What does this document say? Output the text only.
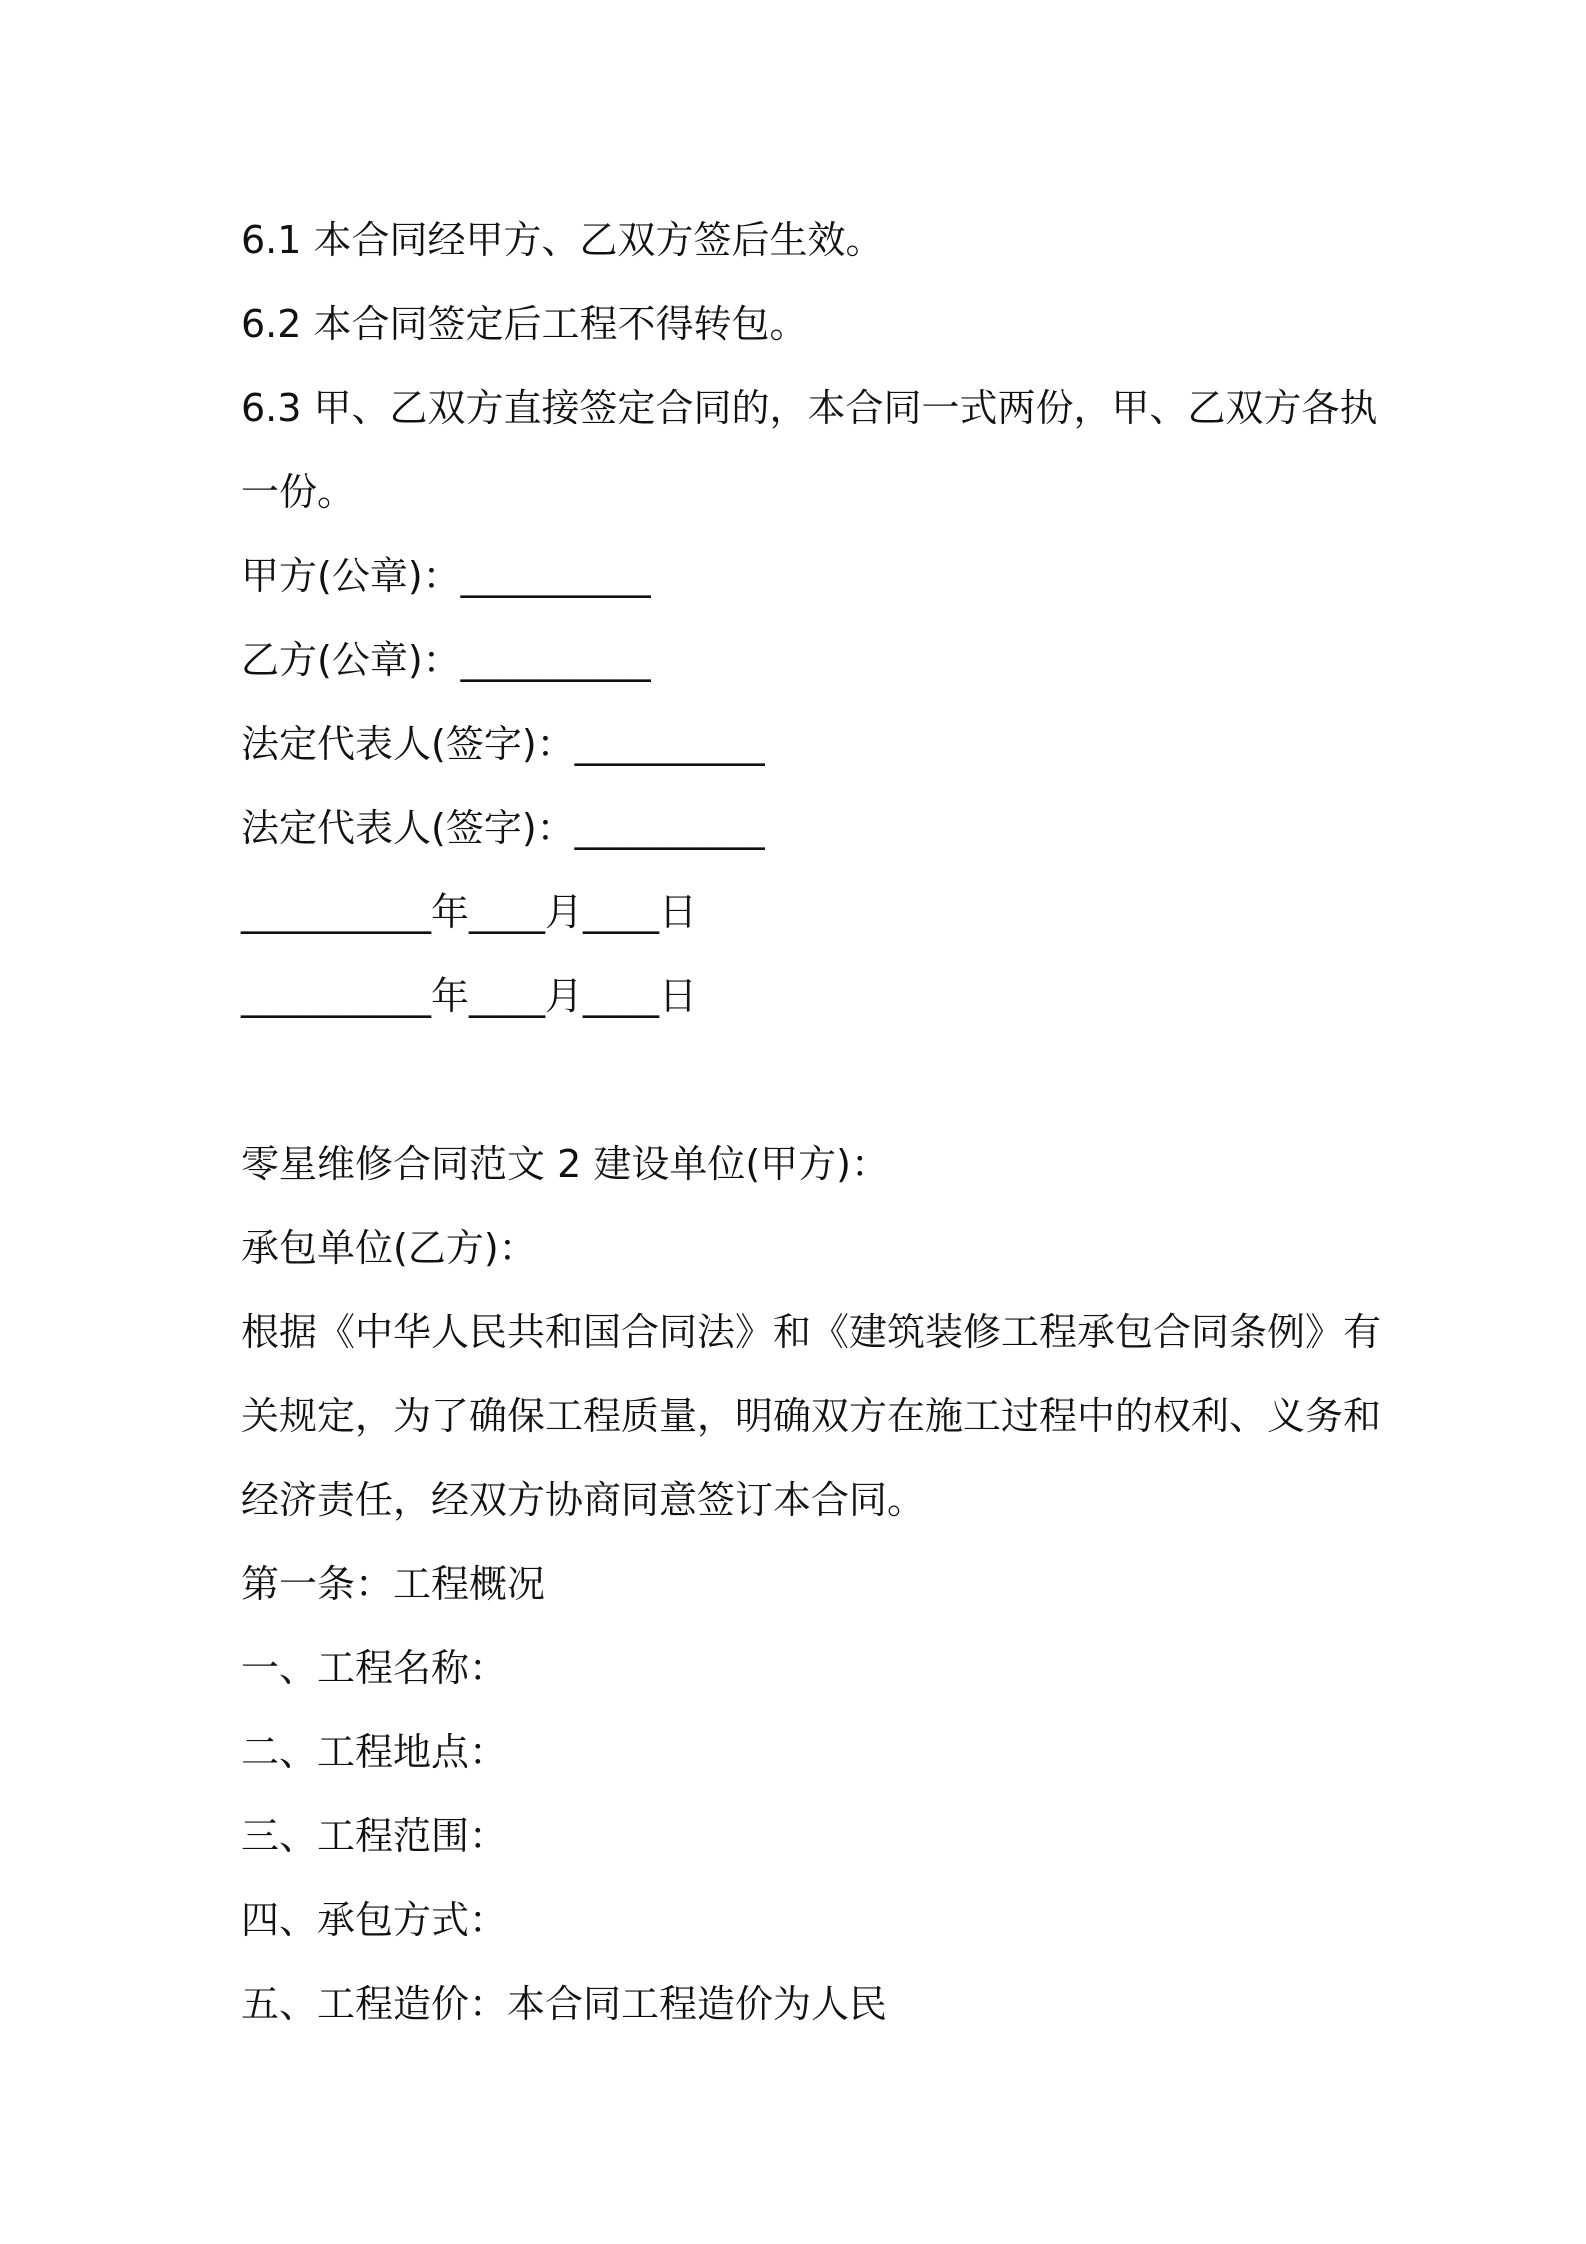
6.1 本合同经甲方、乙双方签后生效。
6.2 本合同签定后工程不得转包。
6.3 甲、乙双方直接签定合同的，本合同一式两份，甲、乙双方各执
一份。
甲方(公章)：__________
乙方(公章)：__________
法定代表人(签字)：__________
法定代表人(签字)：__________
__________年____月____日
__________年____月____日
零星维修合同范文 2 建设单位(甲方)：
承包单位(乙方)：
根据《中华人民共和国合同法》和《建筑装修工程承包合同条例》有
关规定，为了确保工程质量，明确双方在施工过程中的权利、义务和
经济责任，经双方协商同意签订本合同。
第一条：工程概况
一、工程名称：
二、工程地点：
三、工程范围：
四、承包方式：
五、工程造价：本合同工程造价为人民
